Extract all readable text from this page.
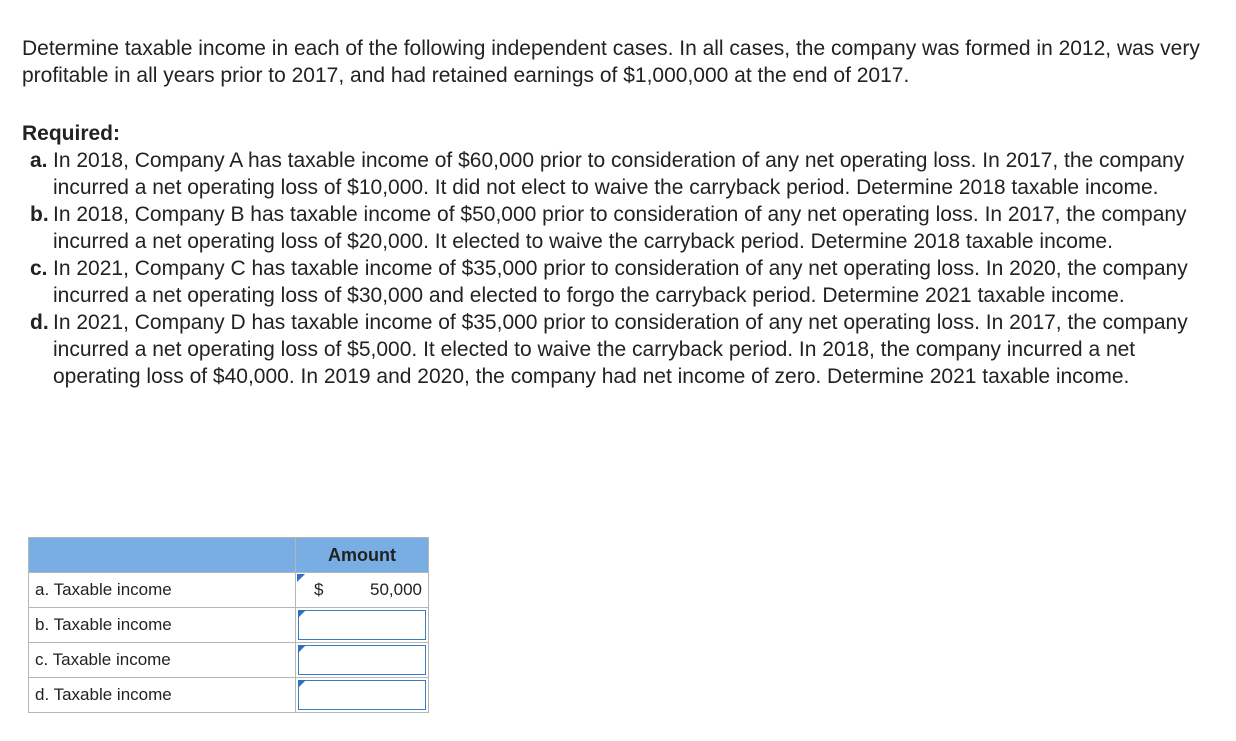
Determine taxable income in each of the following independent cases. In all cases, the company was formed in 2012, was very profitable in all years prior to 2017, and had retained earnings of $1,000,000 at the end of 2017.
Required:
a. In 2018, Company A has taxable income of $60,000 prior to consideration of any net operating loss. In 2017, the company incurred a net operating loss of $10,000. It did not elect to waive the carryback period. Determine 2018 taxable income.
b. In 2018, Company B has taxable income of $50,000 prior to consideration of any net operating loss. In 2017, the company incurred a net operating loss of $20,000. It elected to waive the carryback period. Determine 2018 taxable income.
c. In 2021, Company C has taxable income of $35,000 prior to consideration of any net operating loss. In 2020, the company incurred a net operating loss of $30,000 and elected to forgo the carryback period. Determine 2021 taxable income.
d. In 2021, Company D has taxable income of $35,000 prior to consideration of any net operating loss. In 2017, the company incurred a net operating loss of $5,000. It elected to waive the carryback period. In 2018, the company incurred a net operating loss of $40,000. In 2019 and 2020, the company had net income of zero. Determine 2021 taxable income.
	Amount
a. Taxable income	$ 50,000

b. Taxable income	

c. Taxable income	

d. Taxable income	
